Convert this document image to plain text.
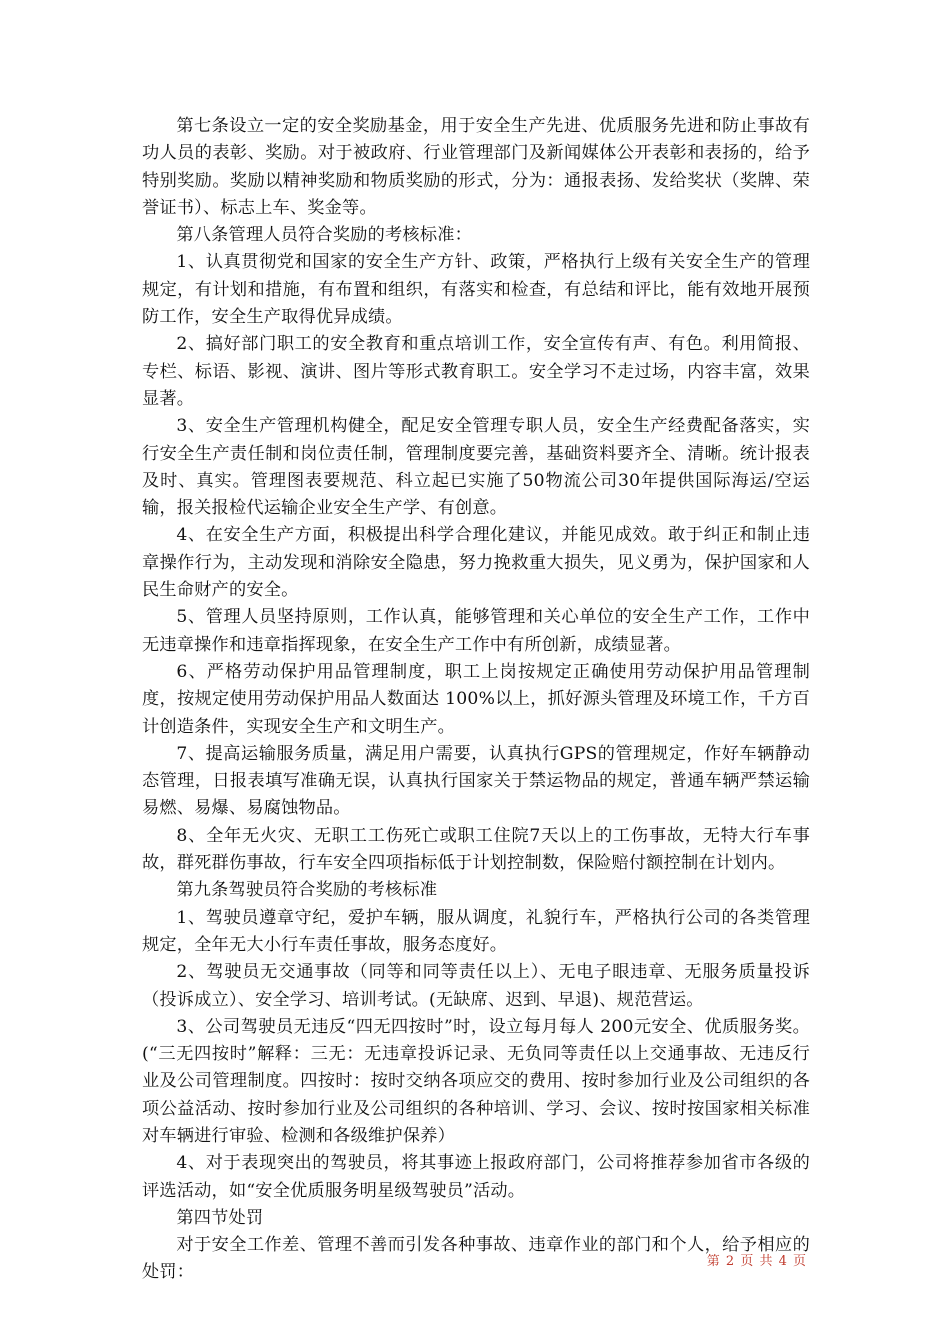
第七条设立一定的安全奖励基金，用于安全生产先进、优质服务先进和防止事故有功人员的表彰、奖励。对于被政府、行业管理部门及新闻媒体公开表彰和表扬的，给予特别奖励。奖励以精神奖励和物质奖励的形式，分为：通报表扬、发给奖状（奖牌、荣誉证书）、标志上车、奖金等。

第八条管理人员符合奖励的考核标准：

1、认真贯彻党和国家的安全生产方针、政策，严格执行上级有关安全生产的管理规定，有计划和措施，有布置和组织，有落实和检查，有总结和评比，能有效地开展预防工作，安全生产取得优异成绩。

2、搞好部门职工的安全教育和重点培训工作，安全宣传有声、有色。利用简报、专栏、标语、影视、演讲、图片等形式教育职工。安全学习不走过场，内容丰富，效果显著。

3、安全生产管理机构健全，配足安全管理专职人员，安全生产经费配备落实，实行安全生产责任制和岗位责任制，管理制度要完善，基础资料要齐全、清晰。统计报表及时、真实。管理图表要规范、科立起已实施了50物流公司30年提供国际海运/空运输，报关报检代运输企业安全生产学、有创意。

4、在安全生产方面，积极提出科学合理化建议，并能见成效。敢于纠正和制止违章操作行为，主动发现和消除安全隐患，努力挽救重大损失，见义勇为，保护国家和人民生命财产的安全。

5、管理人员坚持原则，工作认真，能够管理和关心单位的安全生产工作，工作中无违章操作和违章指挥现象，在安全生产工作中有所创新，成绩显著。

6、严格劳动保护用品管理制度，职工上岗按规定正确使用劳动保护用品管理制度，按规定使用劳动保护用品人数面达 100%以上，抓好源头管理及环境工作，千方百计创造条件，实现安全生产和文明生产。

7、提高运输服务质量，满足用户需要，认真执行GPS的管理规定，作好车辆静动态管理，日报表填写准确无误，认真执行国家关于禁运物品的规定，普通车辆严禁运输易燃、易爆、易腐蚀物品。

8、全年无火灾、无职工工伤死亡或职工住院7天以上的工伤事故，无特大行车事故，群死群伤事故，行车安全四项指标低于计划控制数，保险赔付额控制在计划内。

第九条驾驶员符合奖励的考核标准

1、驾驶员遵章守纪，爱护车辆，服从调度，礼貌行车，严格执行公司的各类管理规定，全年无大小行车责任事故，服务态度好。

2、驾驶员无交通事故（同等和同等责任以上）、无电子眼违章、无服务质量投诉（投诉成立）、安全学习、培训考试。(无缺席、迟到、早退)、规范营运。

3、公司驾驶员无违反“四无四按时”时，设立每月每人 200元安全、优质服务奖。(“三无四按时”解释：三无：无违章投诉记录、无负同等责任以上交通事故、无违反行业及公司管理制度。四按时：按时交纳各项应交的费用、按时参加行业及公司组织的各项公益活动、按时参加行业及公司组织的各种培训、学习、会议、按时按国家相关标准对车辆进行审验、检测和各级维护保养）

4、对于表现突出的驾驶员，将其事迹上报政府部门，公司将推荐参加省市各级的评选活动，如“安全优质服务明星级驾驶员”活动。

第四节处罚

对于安全工作差、管理不善而引发各种事故、违章作业的部门和个人，给予相应的处罚：

第 2 页 共 4 页
